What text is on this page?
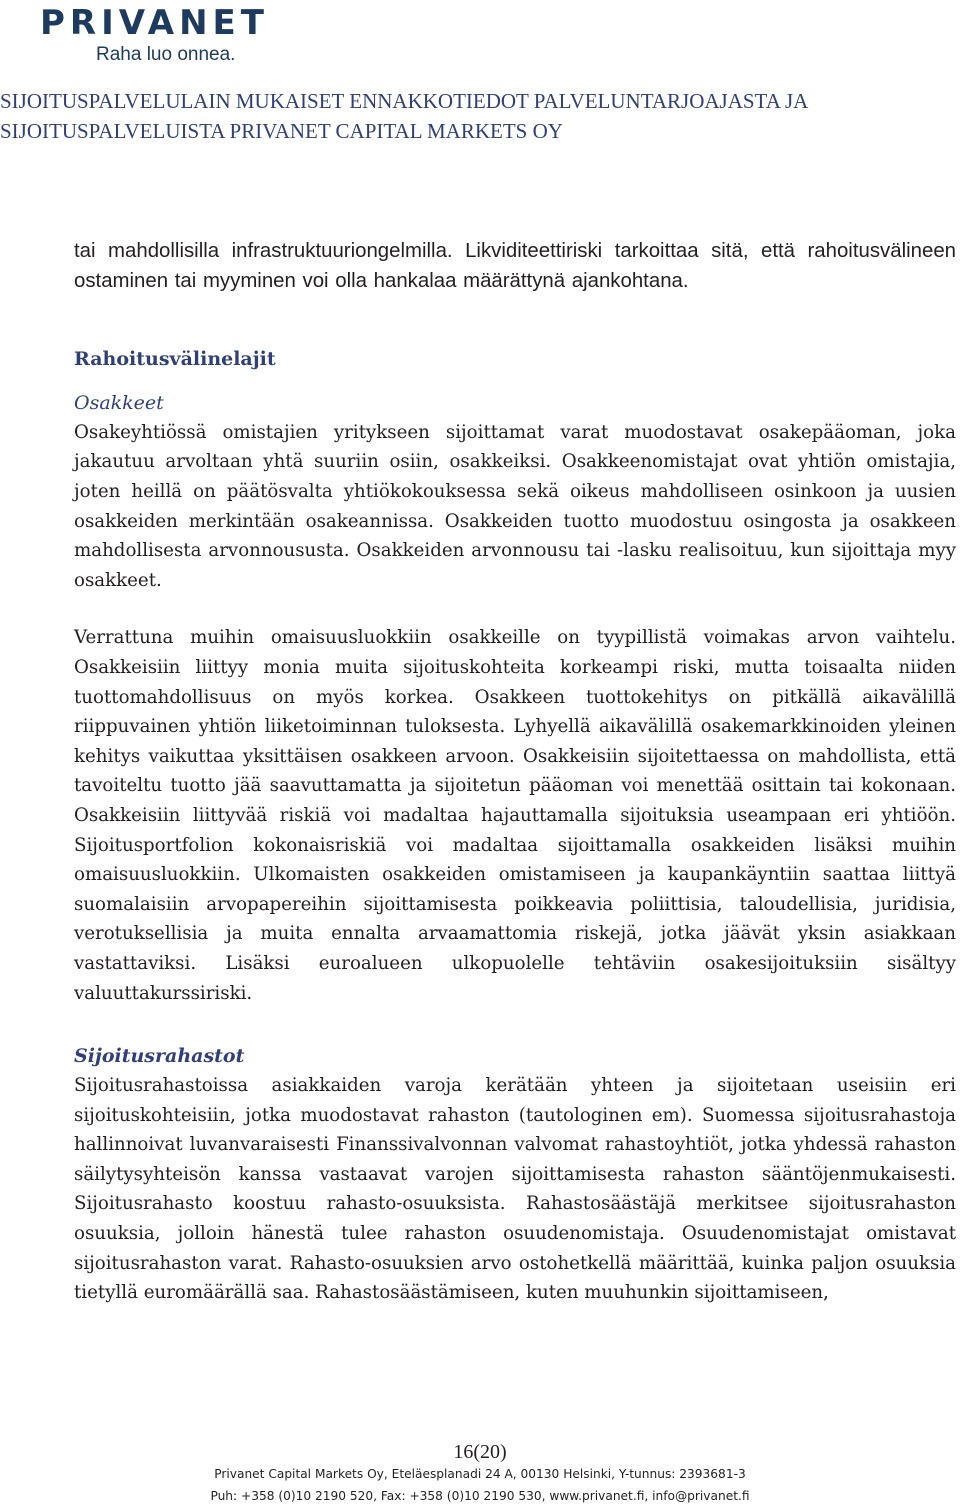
PRIVANET
Raha luo onnea.
SIJOITUSPALVELULAIN MUKAISET ENNAKKOTIEDOT PALVELUNTARJOAJASTA JA SIJOITUSPALVELUISTA PRIVANET CAPITAL MARKETS OY

tai mahdollisilla infrastruktuuriongelmilla. Likviditeettiriski tarkoittaa sitä, että rahoitusvälineen ostaminen tai myyminen voi olla hankalaa määrättynä ajankohtana.

Rahoitusvälinelajit
Osakkeet

Osakeyhtiössä omistajien yritykseen sijoittamat varat muodostavat osakepääoman, joka jakautuu arvoltaan yhtä suuriin osiin, osakkeiksi. Osakkeenomistajat ovat yhtiön omistajia, joten heillä on päätösvalta yhtiökokouksessa sekä oikeus mahdolliseen osinkoon ja uusien osakkeiden merkintään osakeannissa. Osakkeiden tuotto muodostuu osingosta ja osakkeen mahdollisesta arvonnoususta. Osakkeiden arvonnousu tai -lasku realisoituu, kun sijoittaja myy osakkeet.

Verrattuna muihin omaisuusluokkiin osakkeille on tyypillistä voimakas arvon vaihtelu. Osakkeisiin liittyy monia muita sijoituskohteita korkeampi riski, mutta toisaalta niiden tuottomahdollisuus on myös korkea. Osakkeen tuottokehitys on pitkällä aikavälillä riippuvainen yhtiön liiketoiminnan tuloksesta. Lyhyellä aikavälillä osakemarkkinoiden yleinen kehitys vaikuttaa yksittäisen osakkeen arvoon. Osakkeisiin sijoitettaessa on mahdollista, että tavoiteltu tuotto jää saavuttamatta ja sijoitetun pääoman voi menettää osittain tai kokonaan. Osakkeisiin liittyvää riskiä voi madaltaa hajauttamalla sijoituksia useampaan eri yhtiöön. Sijoitusportfolion kokonaisriskiä voi madaltaa sijoittamalla osakkeiden lisäksi muihin omaisuusluokkiin. Ulkomaisten osakkeiden omistamiseen ja kaupankäyntiin saattaa liittyä suomalaisiin arvopapereihin sijoittamisesta poikkeavia poliittisia, taloudellisia, juridisia, verotuksellisia ja muita ennalta arvaamattomia riskejä, jotka jäävät yksin asiakkaan vastattaviksi. Lisäksi euroalueen ulkopuolelle tehtäviin osakesijoituksiin sisältyy valuuttakurssiriski.

Sijoitusrahastot

Sijoitusrahastoissa asiakkaiden varoja kerätään yhteen ja sijoitetaan useisiin eri sijoituskohteisiin, jotka muodostavat rahaston (tautologinen em). Suomessa sijoitusrahastoja hallinnoivat luvanvaraisesti Finanssivalvonnan valvomat rahastoyhtiöt, jotka yhdessä rahaston säilytysyhteisön kanssa vastaavat varojen sijoittamisesta rahaston sääntöjenmukaisesti. Sijoitusrahasto koostuu rahasto-osuuksista. Rahastosäästäjä merkitsee sijoitusrahaston osuuksia, jolloin hänestä tulee rahaston osuudenomistaja. Osuudenomistajat omistavat sijoitusrahaston varat. Rahasto-osuuksien arvo ostohetkellä määrittää, kuinka paljon osuuksia tietyllä euromäärällä saa. Rahastosäästämiseen, kuten muuhunkin sijoittamiseen,

16(20)
Privanet Capital Markets Oy, Eteläesplanadi 24 A, 00130 Helsinki, Y-tunnus: 2393681-3
Puh: +358 (0)10 2190 520, Fax: +358 (0)10 2190 530, www.privanet.fi, info@privanet.fi
